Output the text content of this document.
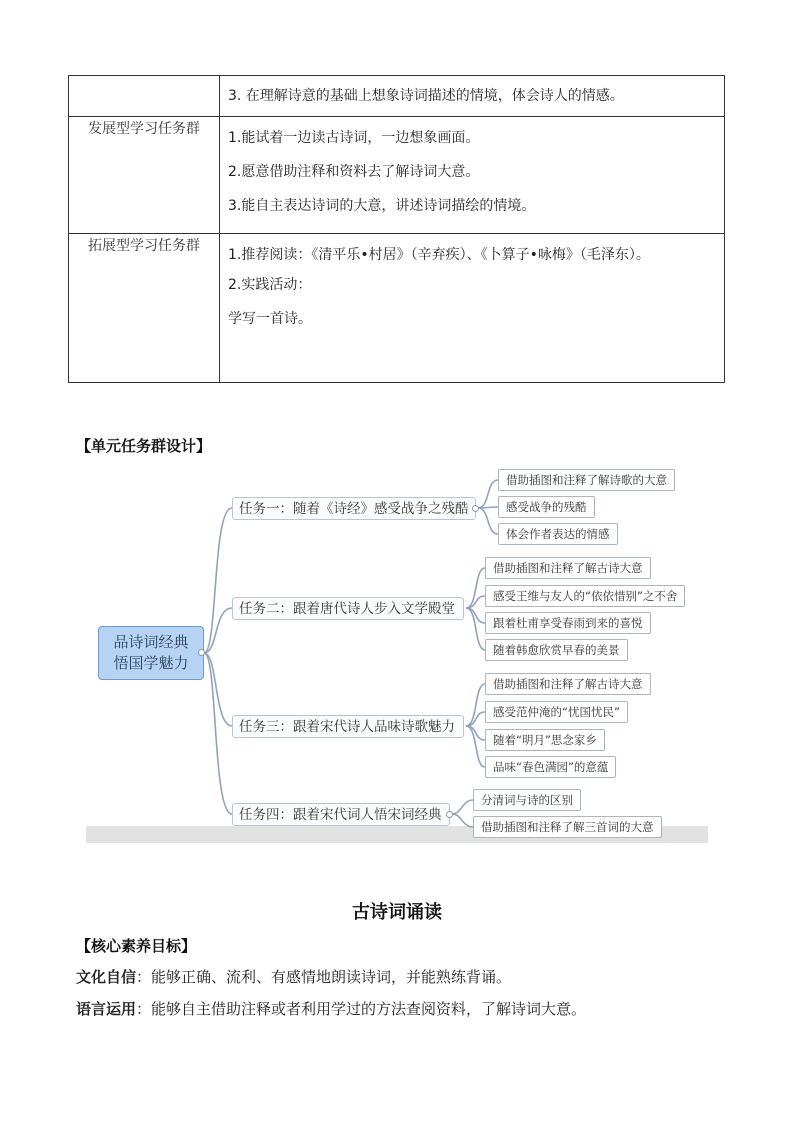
	3. 在理解诗意的基础上想象诗词描述的情境，体会诗人的情感。

发展型学习任务群	1.能试着一边读古诗词，一边想象画面。

2.愿意借助注释和资料去了解诗词大意。

3.能自主表达诗词的大意，讲述诗词描绘的情境。

拓展型学习任务群	1.推荐阅读：《清平乐•村居》（辛弃疾）、《卜算子•咏梅》（毛泽东）。

2.实践活动：

学写一首诗。

【单元任务群设计】
品诗词经典
悟国学魅力
任务一：随着《诗经》感受战争之残酷
借助插图和注释了解诗歌的大意
感受战争的残酷
体会作者表达的情感
任务二：跟着唐代诗人步入文学殿堂
借助插图和注释了解古诗大意
感受王维与友人的“依依惜别”之不舍
跟着杜甫享受春雨到来的喜悦
随着韩愈欣赏早春的美景
任务三：跟着宋代诗人品味诗歌魅力
借助插图和注释了解古诗大意
感受范仲淹的“忧国忧民”
随着“明月”思念家乡
品味“春色满园”的意蕴
任务四：跟着宋代词人悟宋词经典
分清词与诗的区别
借助插图和注释了解三首词的大意
古诗词诵读
【核心素养目标】
文化自信：能够正确、流利、有感情地朗读诗词，并能熟练背诵。
语言运用：能够自主借助注释或者利用学过的方法查阅资料，了解诗词大意。
